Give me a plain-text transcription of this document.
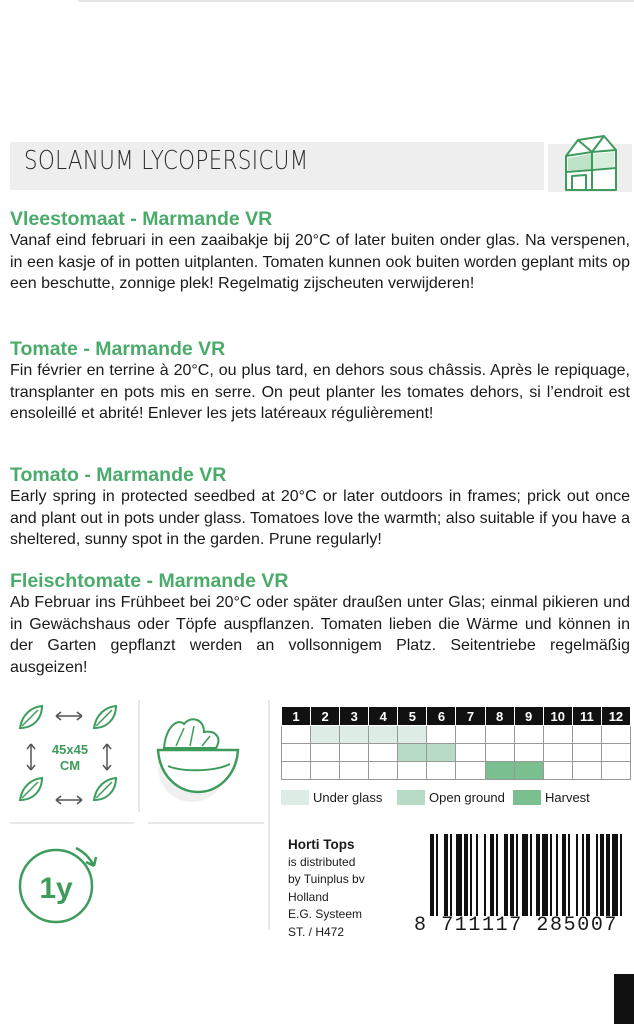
SOLANUM LYCOPERSICUM
Vleestomaat - Marmande VR

Vanaf eind februari in een zaaibakje bij 20°C of later buiten onder glas. Na verspenen, in een kasje of in potten uitplanten. Tomaten kunnen ook buiten worden geplant mits op een beschutte, zonnige plek! Regelmatig zijscheuten verwijderen!

Tomate - Marmande VR

Fin février en terrine à 20°C, ou plus tard, en dehors sous châssis. Après le repiquage, transplanter en pots mis en serre. On peut planter les tomates dehors, si l’endroit est ensoleillé et abrité! Enlever les jets latéreaux régulièrement!

Tomato - Marmande VR

Early spring in protected seedbed at 20°C or later outdoors in frames; prick out once and plant out in pots under glass. Tomatoes love the warmth; also suitable if you have a sheltered, sunny spot in the garden. Prune regularly!

Fleischtomate - Marmande VR

Ab Februar ins Frühbeet bei 20°C oder später draußen unter Glas; einmal pikieren und in Gewächshaus oder Töpfe auspflanzen. Tomaten lieben die Wärme und können in der Garten gepflanzt werden an vollsonnigem Platz. Seitentriebe regelmäßig ausgeizen!

45x45
CM
1	2	3	4	5	6	7	8	9	10	11	12

Under glass	Open ground	Harvest
1y
Horti Tops
is distributed
by Tuinplus bv
Holland
E.G. Systeem
ST. / H472	8 711117 285007
